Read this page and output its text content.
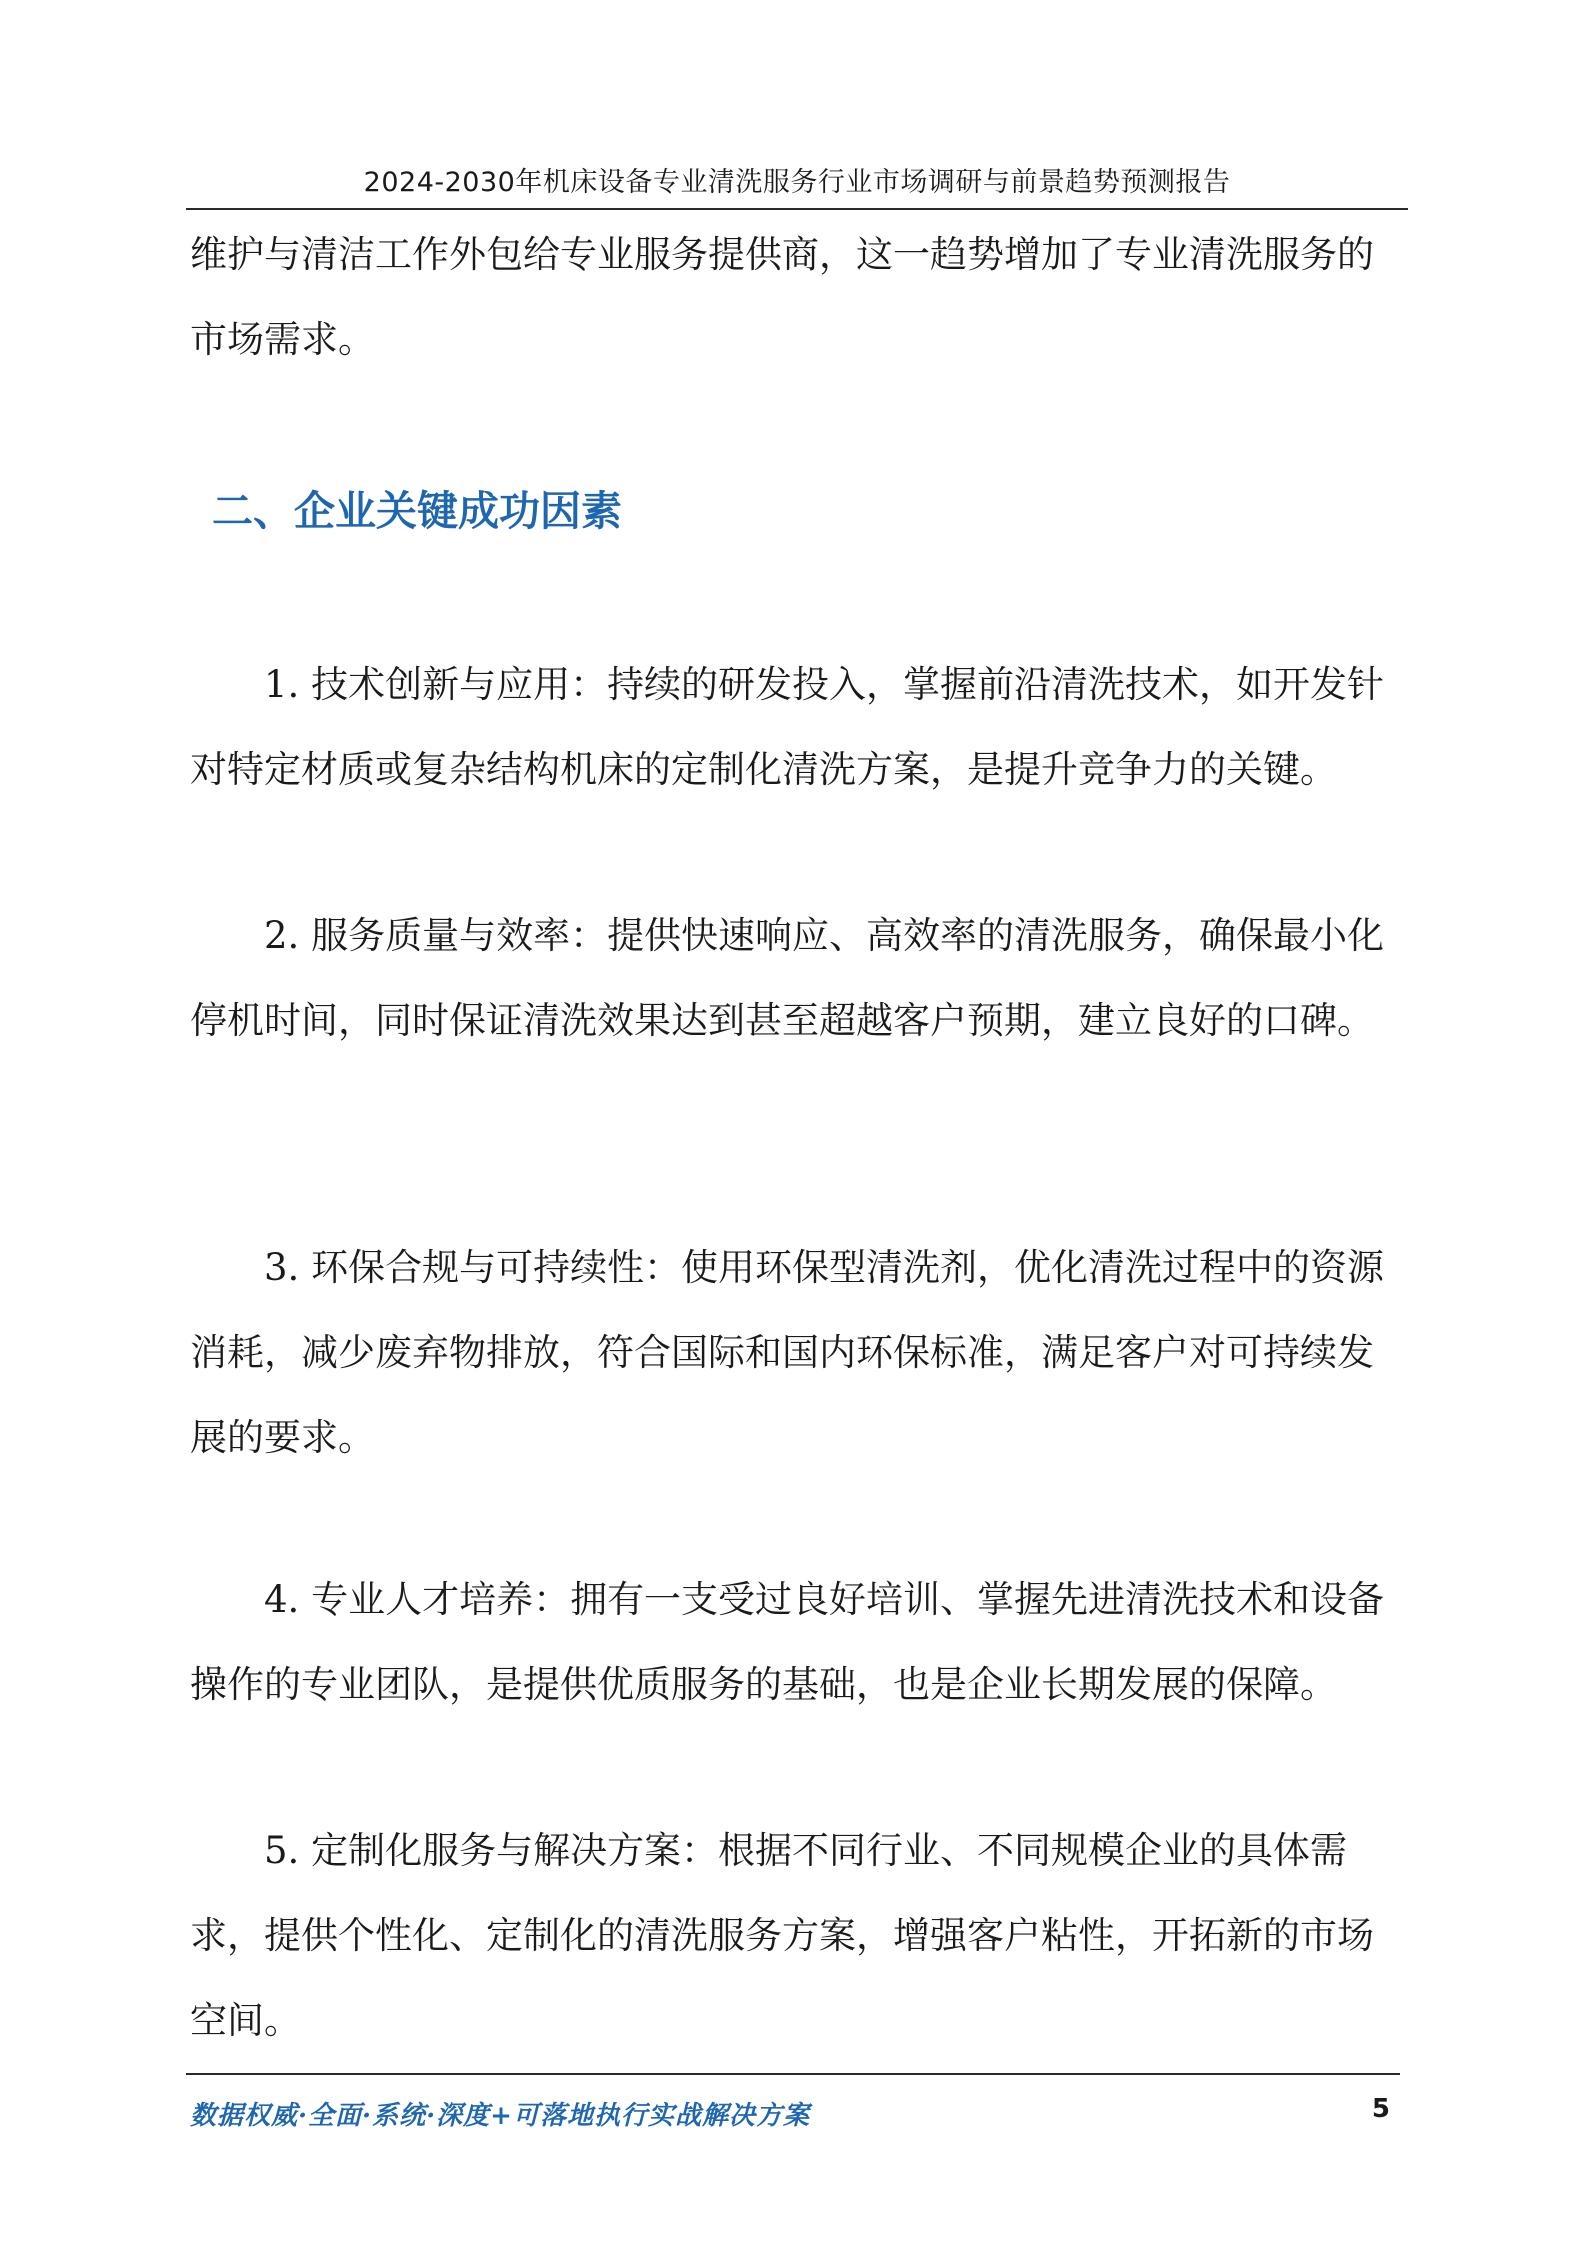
2024-2030年机床设备专业清洗服务行业市场调研与前景趋势预测报告

维护与清洁工作外包给专业服务提供商，这一趋势增加了专业清洗服务的市场需求。

二、企业关键成功因素

1. 技术创新与应用：持续的研发投入，掌握前沿清洗技术，如开发针对特定材质或复杂结构机床的定制化清洗方案，是提升竞争力的关键。

2. 服务质量与效率：提供快速响应、高效率的清洗服务，确保最小化停机时间，同时保证清洗效果达到甚至超越客户预期，建立良好的口碑。

3. 环保合规与可持续性：使用环保型清洗剂，优化清洗过程中的资源消耗，减少废弃物排放，符合国际和国内环保标准，满足客户对可持续发展的要求。

4. 专业人才培养：拥有一支受过良好培训、掌握先进清洗技术和设备操作的专业团队，是提供优质服务的基础，也是企业长期发展的保障。

5. 定制化服务与解决方案：根据不同行业、不同规模企业的具体需求，提供个性化、定制化的清洗服务方案，增强客户粘性，开拓新的市场空间。

数据权威·全面·系统·深度+可落地执行实战解决方案	5
